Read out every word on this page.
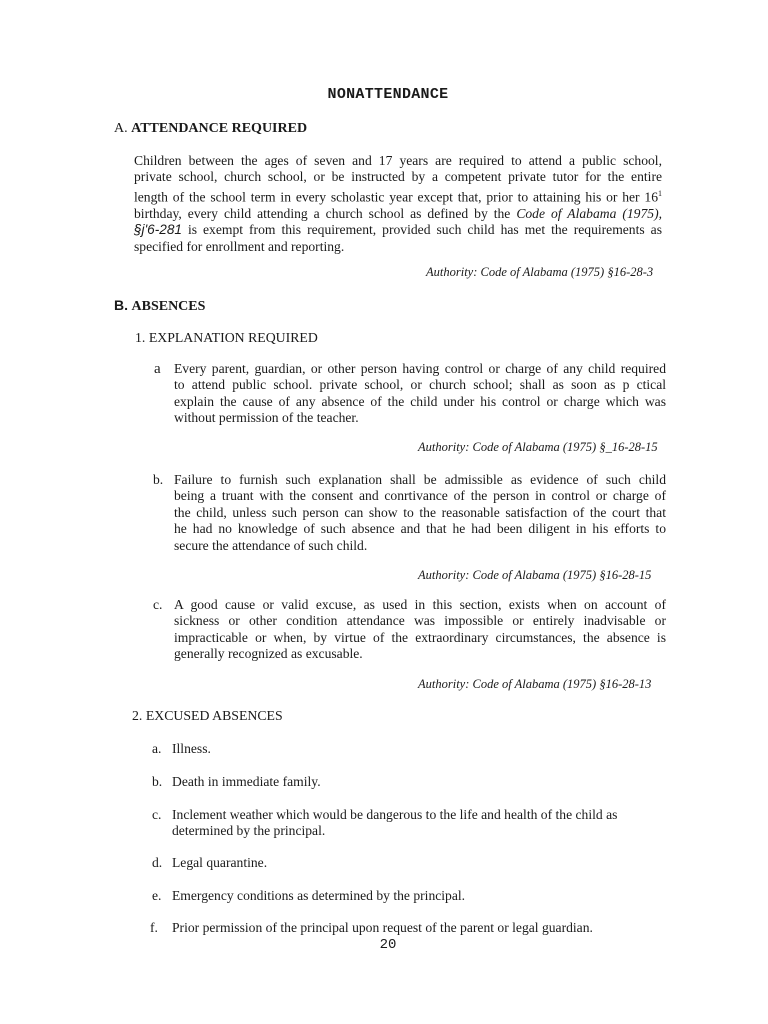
NONATTENDANCE
A. ATTENDANCE REQUIRED
Children between the ages of seven and 17 years are required to attend a public school,
private school, church school, or be instructed by a competent private tutor for the entire
length of the school term in every scholastic year except that, prior to attaining his or her $16^1$
birthday, every child attending a church school as defined by the Code of Alabama (1975),
§j'6-281 is exempt from this requirement, provided such child has met the requirements as
specified for enrollment and reporting.
Authority: Code of Alabama (1975) §16-28-3
B. ABSENCES
1. EXPLANATION REQUIRED
a Every parent, guardian, or other person having control or charge of any child required
to attend public school. private school, or church school; shall as soon as p ctical
explain the cause of any absence of the child under his control or charge which was
without permission of the teacher.
Authority: Code of Alabama (1975) §_16-28-15
b. Failure to furnish such explanation shall be admissible as evidence of such child
being a truant with the consent and conrtivance of the person in control or charge of
the child, unless such person can show to the reasonable satisfaction of the court that
he had no knowledge of such absence and that he had been diligent in his efforts to
secure the attendance of such child.
Authority: Code of Alabama (1975) §16-28-15
c. A good cause or valid excuse, as used in this section, exists when on account of
sickness or other condition attendance was impossible or entirely inadvisable or
impracticable or when, by virtue of the extraordinary circumstances, the absence is
generally recognized as excusable.
Authority: Code of Alabama (1975) §16-28-13
2. EXCUSED ABSENCES
a. Illness.
b. Death in immediate family.
c. Inclement weather which would be dangerous to the life and health of the child as
determined by the principal.
d. Legal quarantine.
e. Emergency conditions as determined by the principal.
f. Prior permission of the principal upon request of the parent or legal guardian.
20
